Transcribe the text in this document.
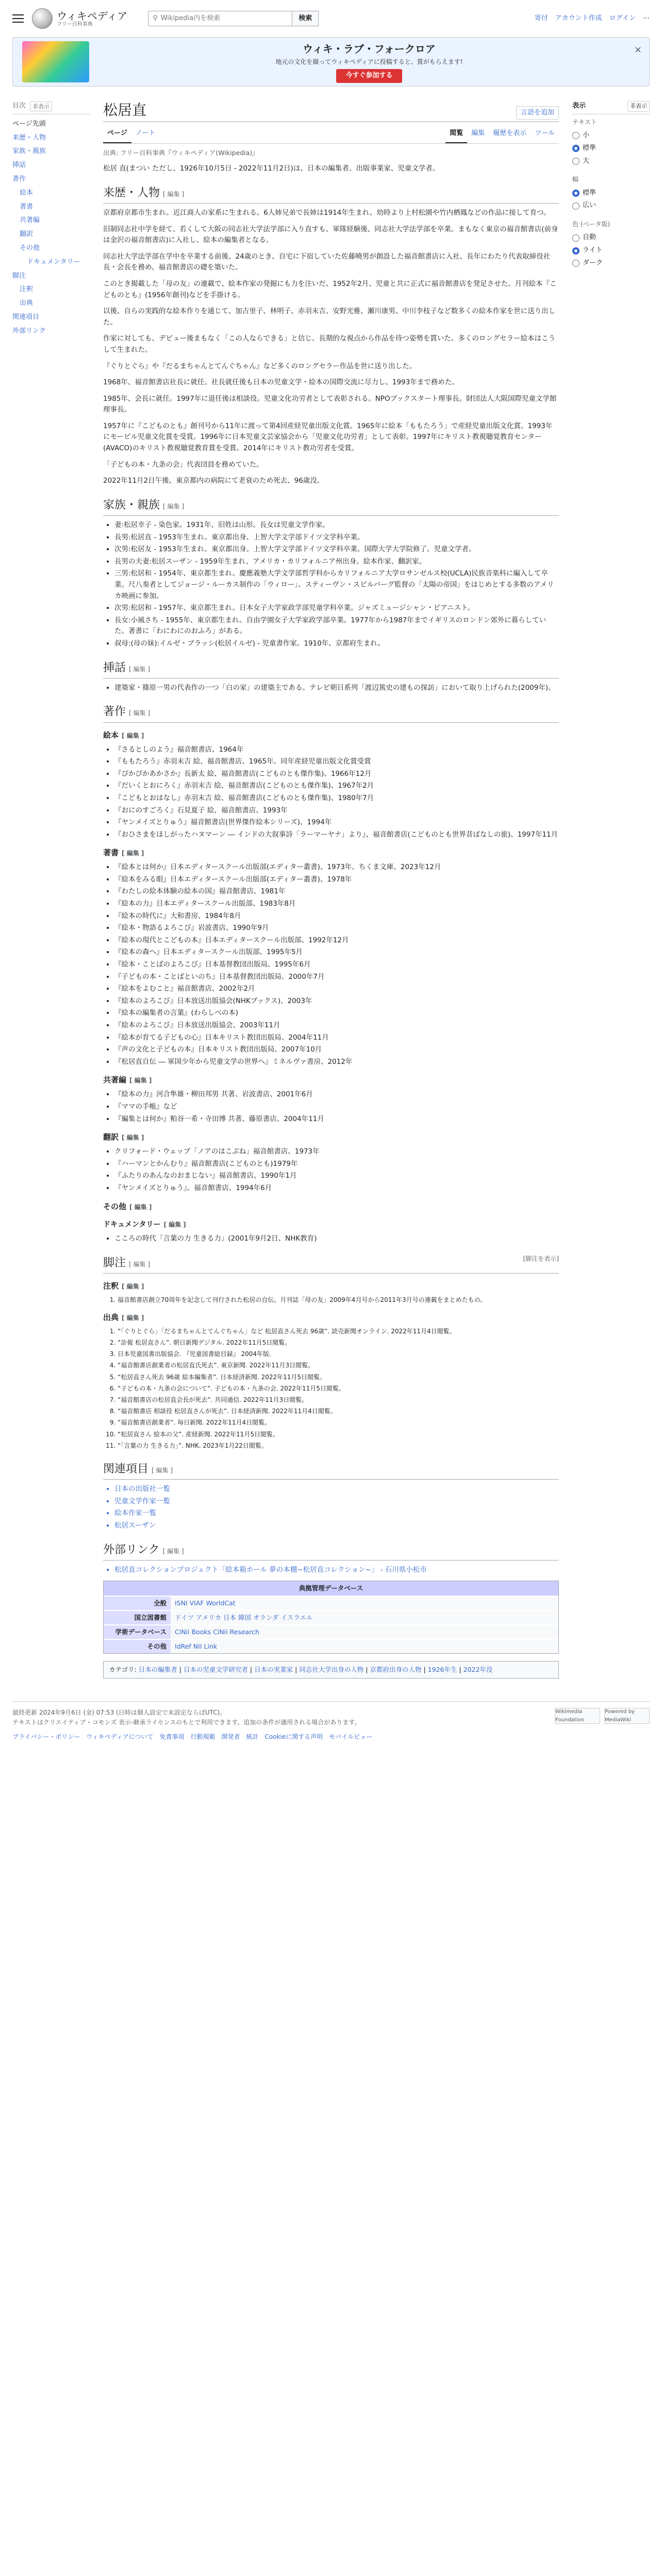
ウィキペディア
フリー百科事典
⚲ Wikipedia内を検索	検索	寄付 アカウント作成 ログイン ⋯
ウィキ・ラブ・フォークロア
地元の文化を撮ってウィキペディアに投稿すると、賞がもらえます!
今すぐ参加する
×
目次	非表示
ページ先頭
来歴・人物
家族・親族
挿話
著作
絵本
著書
共著編
翻訳
その他
ドキュメンタリー
脚注
注釈
出典
関連項目
外部リンク
松居直	言語を追加
ページ	ノート	閲覧	編集	履歴を表示	ツール
出典: フリー百科事典『ウィキペディア(Wikipedia)』

松居 直(まつい ただし、1926年10月5日 - 2022年11月2日)は、日本の編集者、出版事業家、児童文学者。

来歴・人物 [ 編集 ]

京都府京都市生まれ。近江商人の家系に生まれる。6人姉兄弟で長姉は1914年生まれ。幼時より上村松園や竹内栖鳳などの作品に接して育つ。

旧制同志社中学を経て、若くして大阪の同志社大学法学部に入り直すも、軍隊経験後、同志社大学法学部を卒業。まもなく東京の福音館書店(前身は金沢の福音館書店)に入社し、絵本の編集者となる。

同志社大学法学部在学中を卒業する前後、24歳のとき、自宅に下宿していた佐藤曉男が創設した福音館書店に入社、長年にわたり代表取締役社長・会長を務め、福音館書店の礎を築いた。

このとき掲載した「母の友」の連載で、絵本作家の発掘にも力を注いだ。1952年2月、児童と共に正式に福音館書店を発足させた。月刊絵本『こどものとも』(1956年創刊)などを手掛ける。

以後、自らの実践的な絵本作りを通じて、加古里子、林明子、赤羽末吉、安野光雅、瀬川康男、中川李枝子など数多くの絵本作家を世に送り出した。

作家に対しても、デビュー後まもなく「この人ならできる」と信じ、長期的な視点から作品を待つ姿勢を貫いた。多くのロングセラー絵本はこうして生まれた。

『ぐりとぐら』や『だるまちゃんとてんぐちゃん』など多くのロングセラー作品を世に送り出した。

1968年、福音館書店社長に就任。社長就任後も日本の児童文学・絵本の国際交流に尽力し、1993年まで務めた。

1985年、会長に就任。1997年に退任後は相談役。児童文化功労者として表彰される。NPOブックスタート理事長。財団法人大阪国際児童文学館理事長。

1957年に『こどものとも』創刊号から11年に渡って第4回産経児童出版文化賞。1965年に絵本「ももたろう」で産経児童出版文化賞。1993年にモービル児童文化賞を受賞。1996年に日本児童文芸家協会から「児童文化功労者」として表彰。1997年にキリスト教視聴覚教育センター(AVACO)のキリスト教視聴覚教育賞を受賞。2014年にキリスト教功労者を受賞。

「子どもの本・九条の会」代表団員を務めていた。

2022年11月2日午後、東京都内の病院にて老衰のため死去、96歳没。

家族・親族 [ 編集 ]
• 妻:松居幸子 - 染色家。1931年、旧姓は山形。長女は児童文学作家。
• 長男:松居直 - 1953年生まれ。東京都出身、上智大学文学部ドイツ文学科卒業。
• 次男:松居友 - 1953年生まれ。東京都出身。上智大学文学部ドイツ文学科卒業。国際大学大学院修了。児童文学者。
• 長男の夫妻:松居スーザン - 1959年生まれ、アメリカ・カリフォルニア州出身。絵本作家、翻訳家。
• 三男:松居和 - 1954年、東京都生まれ。慶應義塾大学文学部哲学科からカリフォルニア大学ロサンゼルス校(UCLA)民族音楽科に編入して卒業。尺八奏者としてジョージ・ルーカス制作の「ウィロー」、スティーヴン・スピルバーグ監督の「太陽の帝国」をはじめとする多数のアメリカ映画に参加。
• 次男:松居和 - 1957年、東京都生まれ。日本女子大学家政学部児童学科卒業。ジャズミュージシャン・ピアニスト。
• 長女:小風さち - 1955年、東京都生まれ。自由学園女子大学家政学部卒業。1977年から1987年までイギリスのロンドン郊外に暮らしていた。著書に「わにわにのおふろ」がある。
• 叔母:(母の妹):イルゼ・ブラッシ(松居イルゼ) - 児童書作家。1910年、京都府生まれ。
挿話 [ 編集 ]
• 建築家・篠原一男の代表作の一つ「白の家」の建築主である。テレビ朝日系列「渡辺篤史の建もの探訪」において取り上げられた(2009年)。
著作 [ 編集 ]
絵本 [ 編集 ]
• 『さるとしのよう』福音館書店、1964年
• 『ももたろう』赤羽末吉 絵、福音館書店、1965年。同年産経児童出版文化賞受賞
• 『ぴかぴかあかさか』長新太 絵、福音館書店(こどものとも傑作集)、1966年12月
• 『だいくとおにろく』赤羽末吉 絵、福音館書店(こどものとも傑作集)、1967年2月
• 『こどもとおはなし』赤羽末吉 絵、福音館書店(こどものとも傑作集)、1980年7月
• 『おにのすごろく』石見夏子 絵、福音館書店、1993年
• 『ヤンメイズとりゅう』福音館書店(世界傑作絵本シリーズ)、1994年
• 『おひさまをほしがったハヌマーン ― インドの大叙事詩「ラーマーヤナ」より』、福音館書店(こどものとも世界昔ばなしの旅)、1997年11月
著書 [ 編集 ]
• 『絵本とは何か』日本エディタースクール出版部(エディター叢書)、1973年。ちくま文庫、2023年12月
• 『絵本をみる眼』日本エディタースクール出版部(エディター叢書)、1978年
• 『わたしの絵本体験の絵本の国』福音館書店、1981年
• 『絵本の力』日本エディタースクール出版部、1983年8月
• 『絵本の時代に』大和書房、1984年8月
• 『絵本・物語るよろこび』岩波書店、1990年9月
• 『絵本の現代とこどもの本』日本エディタースクール出版部、1992年12月
• 『絵本の森へ』日本エディタースクール出版部、1995年5月
• 『絵本・ことばのよろこび』日本基督教団出版局、1995年6月
• 『子どもの本・ことばといのち』日本基督教団出版局、2000年7月
• 『絵本をよむこと』福音館書店、2002年2月
• 『絵本のよろこび』日本放送出版協会(NHKブックス)、2003年
• 『絵本の編集者の言葉』(わらしべの本)
• 『絵本のよろこび』日本放送出版協会、2003年11月
• 『絵本が育てる子どもの心』日本キリスト教団出版局、2004年11月
• 『声の文化と子どもの本』日本キリスト教団出版局、2007年10月
• 『松居直自伝 ― 軍国少年から児童文学の世界へ』ミネルヴァ書房、2012年
共著編 [ 編集 ]
• 『絵本の力』河合隼雄・柳田邦男 共著、岩波書店、2001年6月
• 『ママの手帳』など
• 『編集とは何か』粕谷一希・寺田博 共著、藤原書店、2004年11月
翻訳 [ 編集 ]
• クリフォード・ウェッブ「ノアのはこぶね」福音館書店、1973年
• 『ハーマンとかんむり』福音館書店(こどものとも)1979年
• 『ふたりのあんなのおまじない』福音館書店、1990年1月
• 『ヤンメイズとりゅう』、福音館書店、1994年6月
その他 [ 編集 ]
ドキュメンタリー [ 編集 ]
• こころの時代「言葉の力 生きる力」(2001年9月2日、NHK教育)
脚注 [ 編集 ]
[脚注を表示]
注釈 [ 編集 ]
1. 福音館書店創立70周年を記念して刊行された松居の自伝。月刊誌「母の友」2009年4月号から2011年3月号の連載をまとめたもの。
出典 [ 編集 ]
1. “「ぐりとぐら」「だるまちゃんとてんぐちゃん」など 松居直さん死去 96歳”. 読売新聞オンライン. 2022年11月4日閲覧。
2. “訃報 松居直さん”. 朝日新聞デジタル. 2022年11月5日閲覧。
3. 日本児童図書出版協会. 『児童図書総目録』 2004年版.
4. “福音館書店創業者の松居直氏死去”. 東京新聞. 2022年11月3日閲覧。
5. “松居直さん死去 96歳 絵本編集者”. 日本経済新聞. 2022年11月5日閲覧。
6. “子どもの本・九条の会について”. 子どもの本・九条の会. 2022年11月5日閲覧。
7. “福音館書店の松居直会長が死去”. 共同通信. 2022年11月3日閲覧。
8. “福音館書店 相談役 松居直さんが死去”. 日本経済新聞. 2022年11月4日閲覧。
9. “福音館書店創業者”. 毎日新聞. 2022年11月4日閲覧。
10. “松居直さん 絵本の父”. 産経新聞. 2022年11月5日閲覧。
11. “「言葉の力 生きる力」”. NHK. 2023年1月22日閲覧。
関連項目 [ 編集 ]
• 日本の出版社一覧
• 児童文学作家一覧
• 絵本作家一覧
• 松居スーザン
外部リンク [ 編集 ]
• 松居直コレクションプロジェクト「絵本箱ホール 夢の本棚~松居直コレクション~」 - 石川県小松市
典拠管理データベース
全般	ISNI VIAF WorldCat
国立図書館	ドイツ アメリカ 日本 韓国 オランダ イスラエル
学術データベース	CiNii Books CiNii Research
その他	IdRef NII Link
カテゴリ: 日本の編集者 | 日本の児童文学研究者 | 日本の実業家 | 同志社大学出身の人物 | 京都府出身の人物 | 1926年生 | 2022年没
表示	非表示
テキスト
小
標準
大
幅
標準
広い
色 (ベータ版)
自動
ライト
ダーク
Wikimedia Foundation
Powered by MediaWiki
最終更新 2024年9月6日 (金) 07:53 (日時は個人設定で未設定ならばUTC)。
テキストはクリエイティブ・コモンズ 表示-継承ライセンスのもとで利用できます。追加の条件が適用される場合があります。
プライバシー・ポリシー ウィキペディアについて 免責事項 行動規範 開発者 統計 Cookieに関する声明 モバイルビュー
